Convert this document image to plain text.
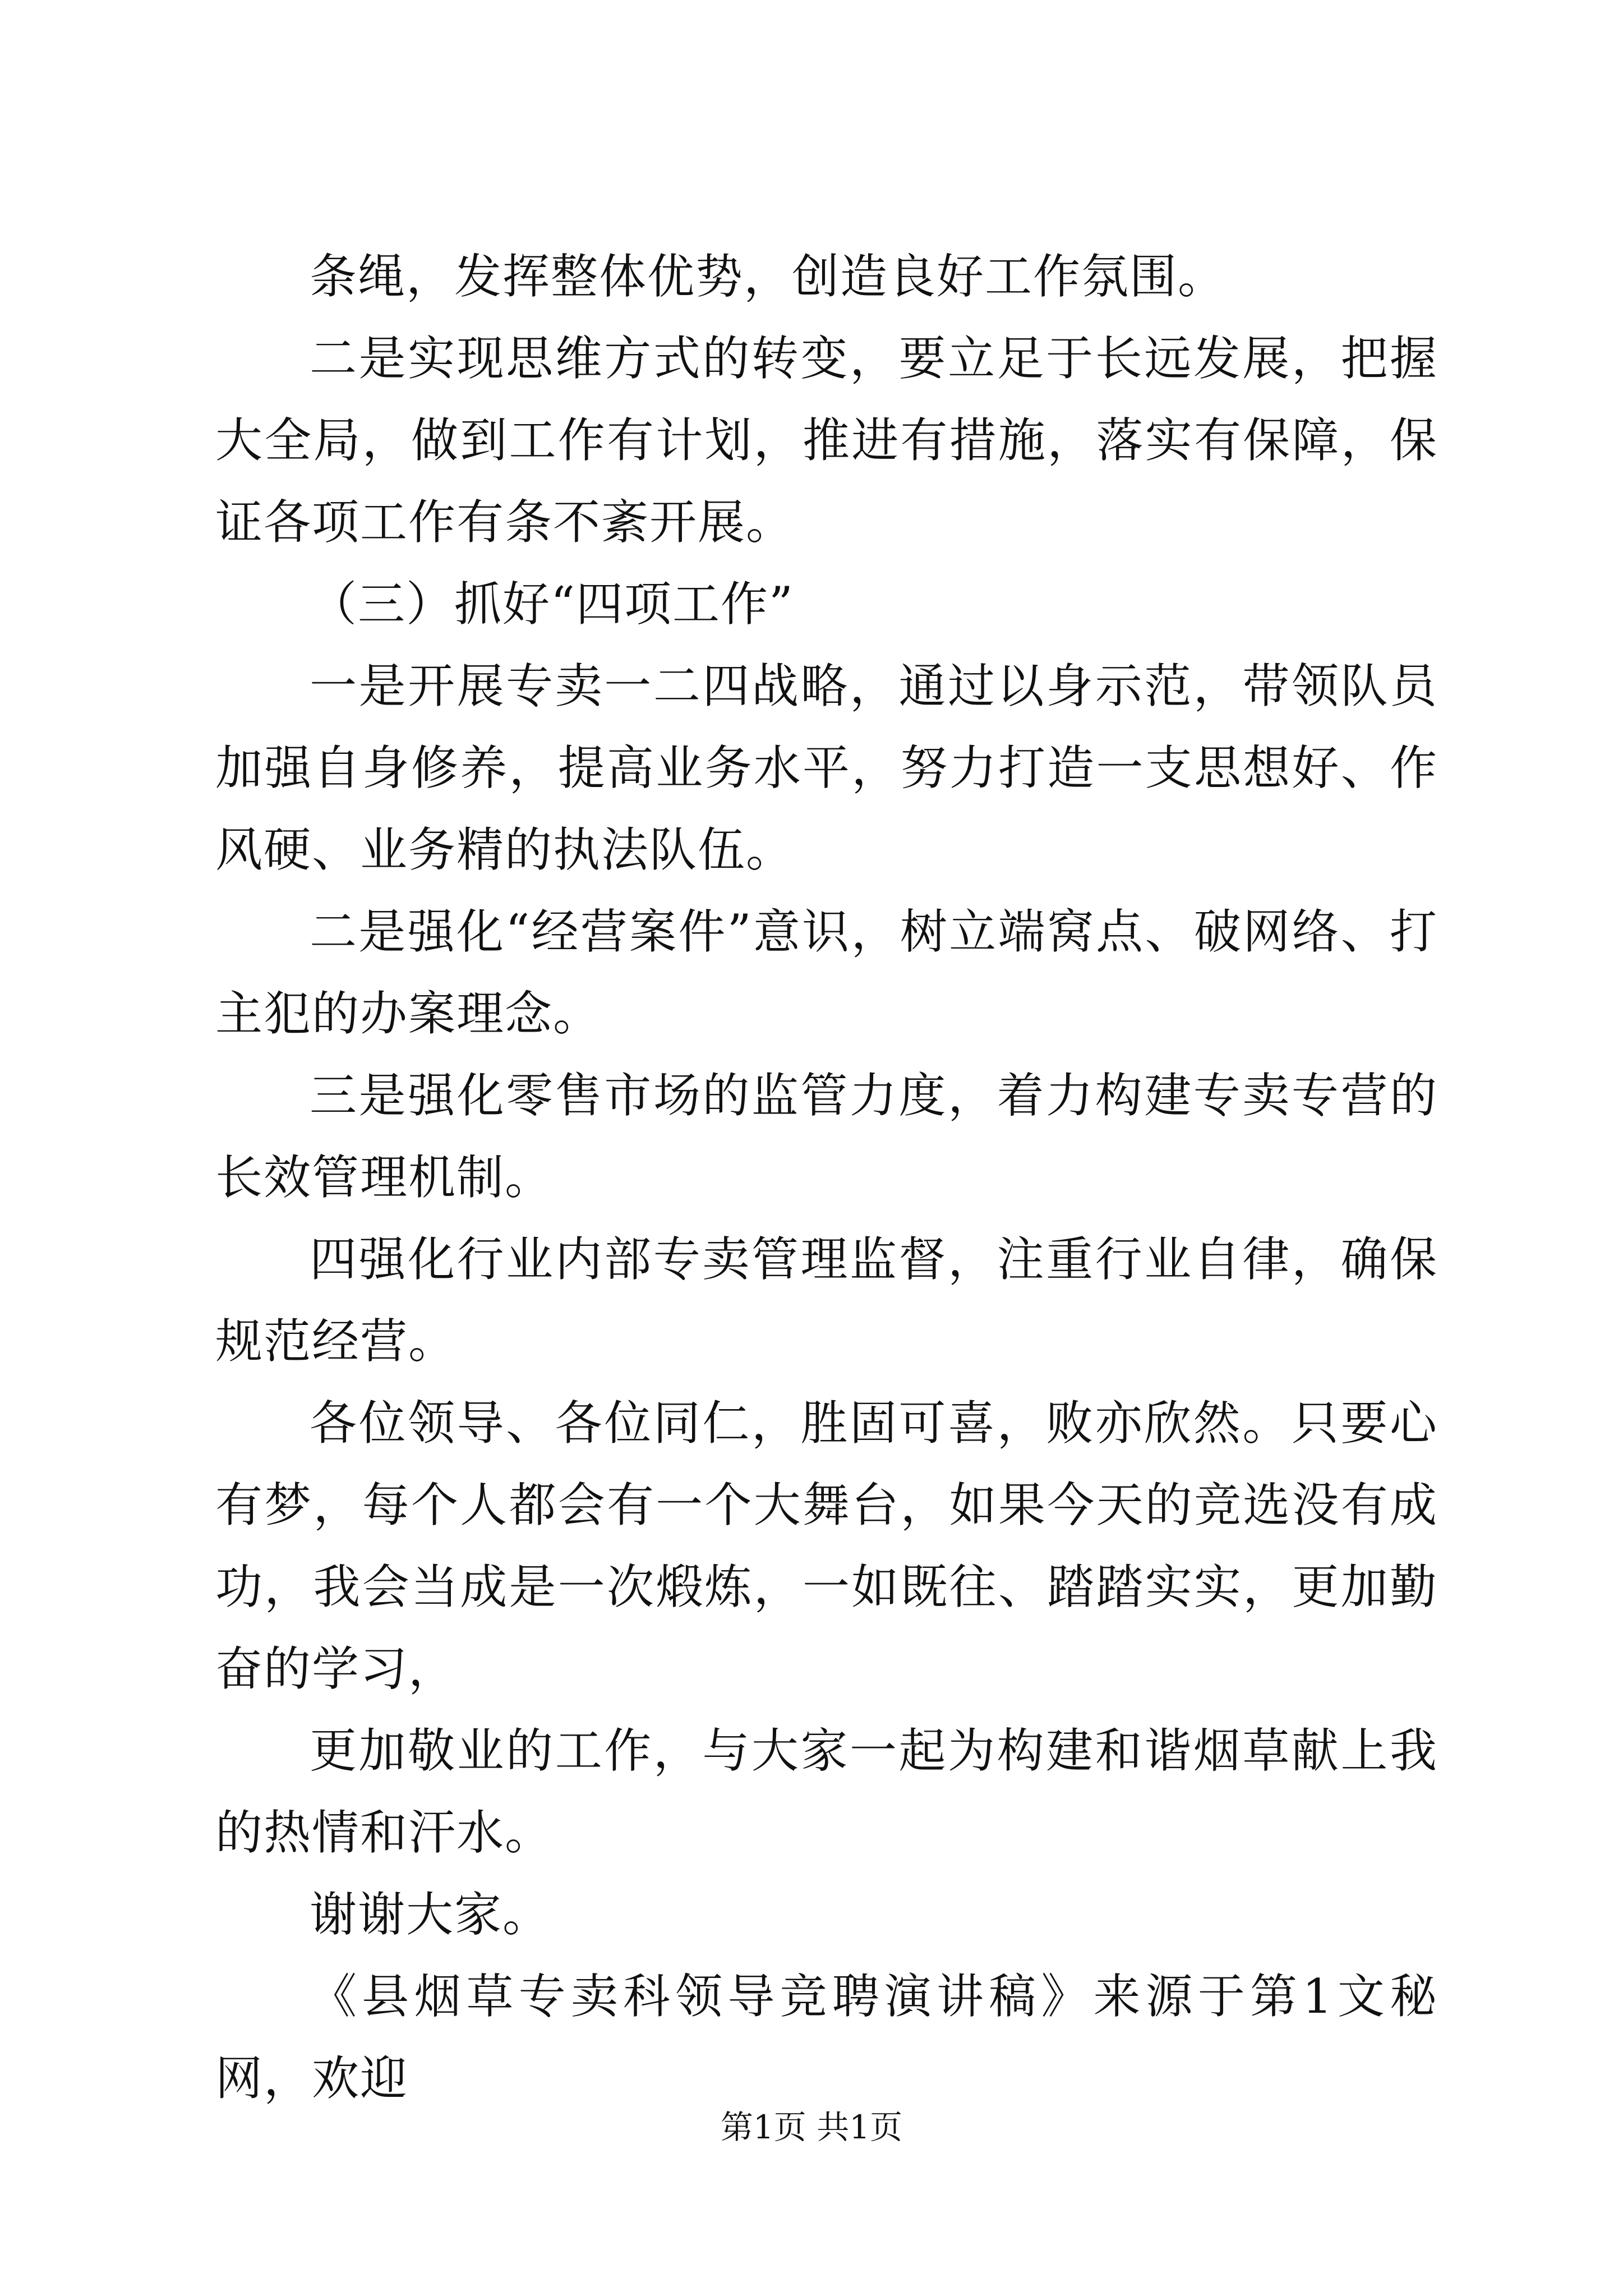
条绳，发挥整体优势，创造良好工作氛围。

二是实现思维方式的转变，要立足于长远发展，把握大全局，做到工作有计划，推进有措施，落实有保障，保证各项工作有条不紊开展。

（三）抓好“四项工作”

一是开展专卖一二四战略，通过以身示范，带领队员加强自身修养，提高业务水平，努力打造一支思想好、作风硬、业务精的执法队伍。

二是强化“经营案件”意识，树立端窝点、破网络、打主犯的办案理念。

三是强化零售市场的监管力度，着力构建专卖专营的长效管理机制。

四强化行业内部专卖管理监督，注重行业自律，确保规范经营。

各位领导、各位同仁，胜固可喜，败亦欣然。只要心有梦，每个人都会有一个大舞台，如果今天的竞选没有成功，我会当成是一次煅炼，一如既往、踏踏实实，更加勤奋的学习，

更加敬业的工作，与大家一起为构建和谐烟草献上我的热情和汗水。

谢谢大家。

《县烟草专卖科领导竞聘演讲稿》来源于第1文秘网，欢迎

第1页 共1页
